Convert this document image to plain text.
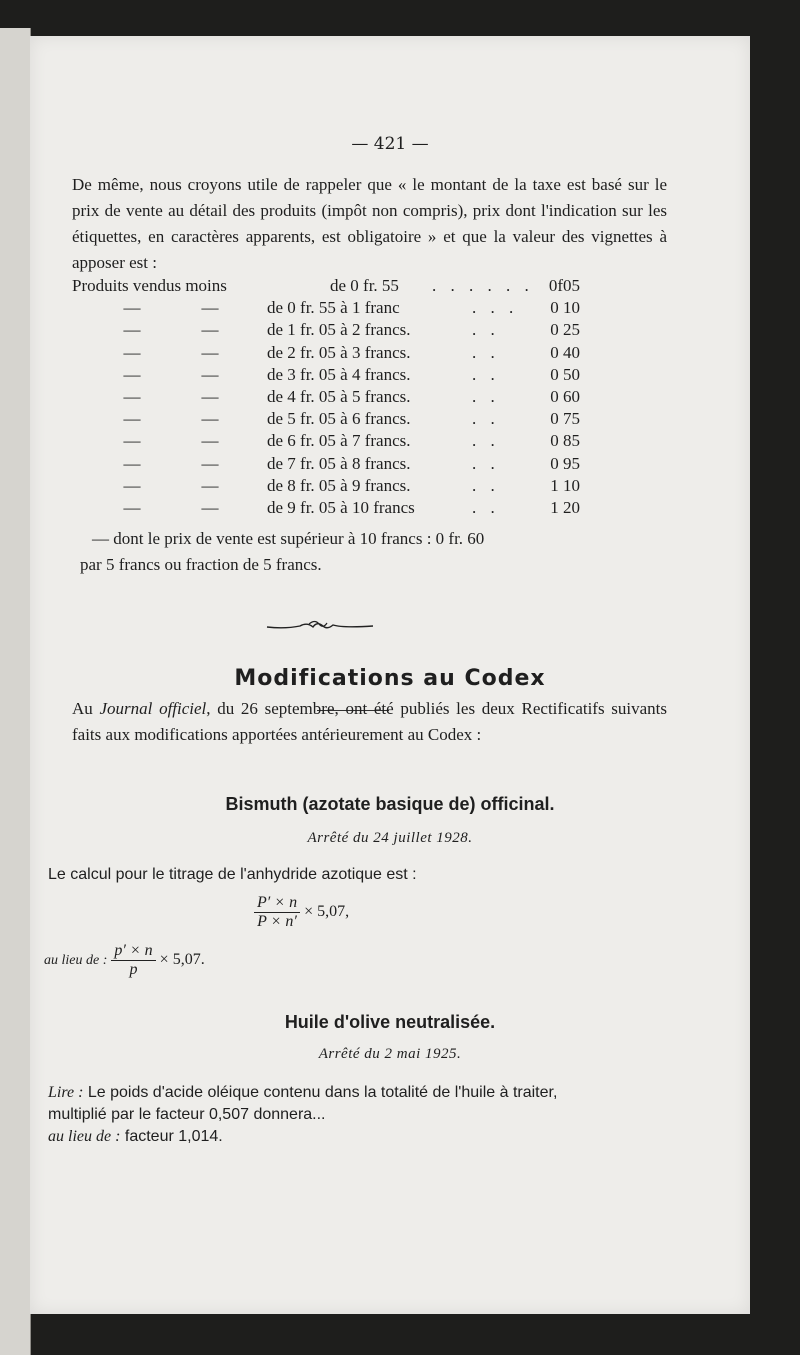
— 421 —
De même, nous croyons utile de rappeler que « le montant de la taxe est basé sur le prix de vente au détail des produits (impôt non compris), prix dont l'indication sur les étiquettes, en caractères apparents, est obligatoire » et que la valeur des vignettes à apposer est :
Produits vendus moins	de 0 fr. 55	0f05
. . . . . .
—	—	de 0 fr. 55 à 1 franc	0 10
. . .
—	—	de 1 fr. 05 à 2 francs.	0 25
. .
—	—	de 2 fr. 05 à 3 francs.	0 40
. .
—	—	de 3 fr. 05 à 4 francs.	0 50
. .
—	—	de 4 fr. 05 à 5 francs.	0 60
. .
—	—	de 5 fr. 05 à 6 francs.	0 75
. .
—	—	de 6 fr. 05 à 7 francs.	0 85
. .
—	—	de 7 fr. 05 à 8 francs.	0 95
. .
—	—	de 8 fr. 05 à 9 francs.	1 10
. .
—	—	de 9 fr. 05 à 10 francs	1 20
. .
— dont le prix de vente est supérieur à 10 francs : 0 fr. 60
par 5 francs ou fraction de 5 francs.
Modifications au Codex
Au Journal officiel, du 26 septembre, ont été publiés les deux Rectificatifs suivants faits aux modifications apportées antérieurement au Codex :
Bismuth (azotate basique de) officinal.
Arrêté du 24 juillet 1928.
Le calcul pour le titrage de l'anhydride azotique est :
$\frac{P' \times n}{P \times n'} \times 5,07$,
au lieu de : $\frac{p' \times n}{p} \times 5,07$.
Huile d'olive neutralisée.
Arrêté du 2 mai 1925.
Lire : Le poids d'acide oléique contenu dans la totalité de l'huile à traiter,
multiplié par le facteur 0,507 donnera...
au lieu de : facteur 1,014.
